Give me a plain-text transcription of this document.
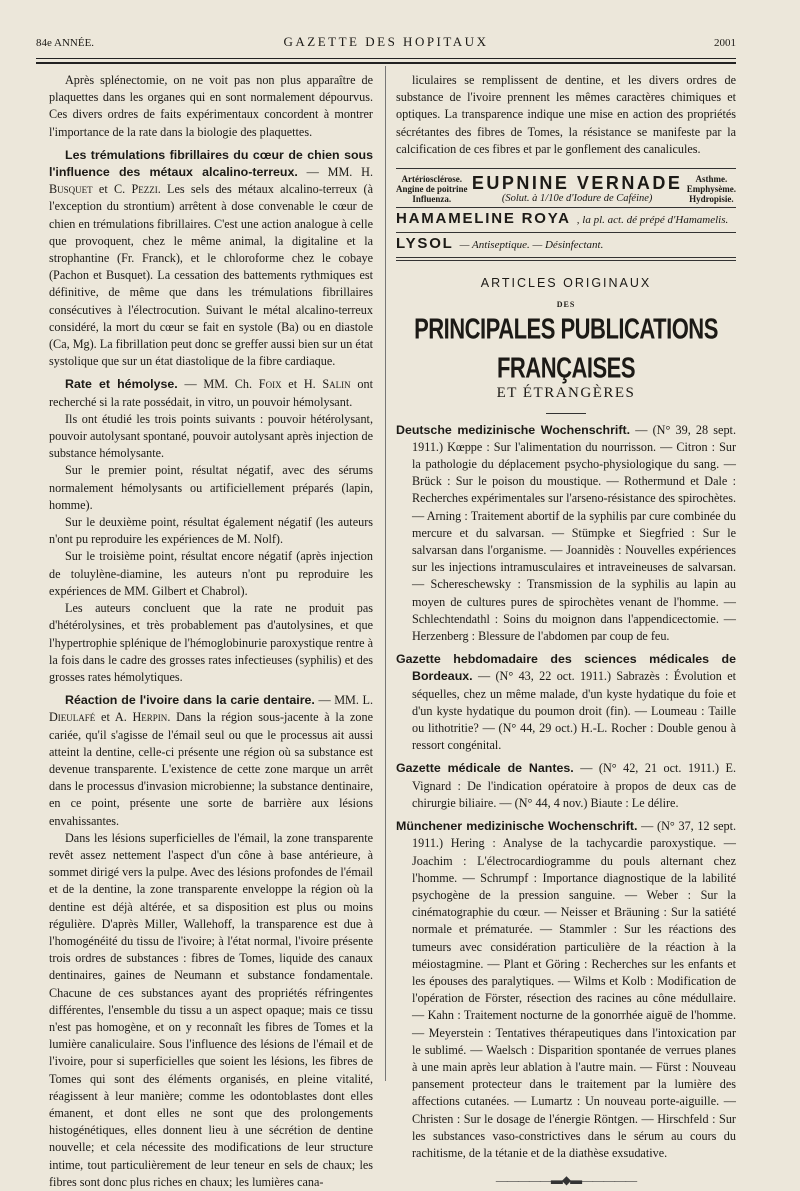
84e ANNÉE.	GAZETTE DES HOPITAUX	2001

Après splénectomie, on ne voit pas non plus apparaître de plaquettes dans les organes qui en sont normalement dépourvus. Ces divers ordres de faits expérimentaux concordent à montrer l'importance de la rate dans la biologie des plaquettes.

Les trémulations fibrillaires du cœur de chien sous l'influence des métaux alcalino-terreux. — MM. H. Busquet et C. Pezzi. Les sels des métaux alcalino-terreux (à l'exception du strontium) arrêtent à dose convenable le cœur de chien en trémulations fibrillaires. C'est une action analogue à celle que provoquent, chez le même animal, la digitaline et la strophantine (Fr. Franck), et le chloroforme chez le cobaye (Pachon et Busquet). La cessation des battements rythmiques est définitive, de même que dans les trémulations fibrillaires consécutives à l'électrocution. Suivant le métal alcalino-terreux considéré, la mort du cœur se fait en systole (Ba) ou en diastole (Ca, Mg). La fibrillation peut donc se greffer aussi bien sur un état systolique que sur un état diastolique de la fibre cardiaque.

Rate et hémolyse. — MM. Ch. Foix et H. Salin ont recherché si la rate possédait, in vitro, un pouvoir hémolysant.

Ils ont étudié les trois points suivants : pouvoir hétérolysant, pouvoir autolysant spontané, pouvoir autolysant après injection de substance hémolysante.

Sur le premier point, résultat négatif, avec des sérums normalement hémolysants ou artificiellement préparés (lapin, homme).

Sur le deuxième point, résultat également négatif (les auteurs n'ont pu reproduire les expériences de M. Nolf).

Sur le troisième point, résultat encore négatif (après injection de toluylène-diamine, les auteurs n'ont pu reproduire les expériences de MM. Gilbert et Chabrol).

Les auteurs concluent que la rate ne produit pas d'hétérolysines, et très probablement pas d'autolysines, et que l'hypertrophie splénique de l'hémoglobinurie paroxystique rentre à la fois dans le cadre des grosses rates infectieuses (syphilis) et des grosses rates hémolytiques.

Réaction de l'ivoire dans la carie dentaire. — MM. L. Dieulafé et A. Herpin. Dans la région sous-jacente à la zone cariée, qu'il s'agisse de l'émail seul ou que le processus ait aussi atteint la dentine, celle-ci présente une région où sa substance est devenue transparente. L'existence de cette zone marque un arrêt dans le processus d'invasion microbienne; la substance dentinaire, en ce point, présente une sorte de barrière aux lésions envahissantes.

Dans les lésions superficielles de l'émail, la zone transparente revêt assez nettement l'aspect d'un cône à base antérieure, à sommet dirigé vers la pulpe. Avec des lésions profondes de l'émail et de la dentine, la zone transparente enveloppe la région où la dentine est déjà altérée, et sa disposition est plus ou moins régulière. D'après Miller, Wallehoff, la transparence est due à l'homogénéité du tissu de l'ivoire; à l'état normal, l'ivoire présente trois ordres de substances : fibres de Tomes, liquide des canaux dentinaires, gaines de Neumann et substance fondamentale. Chacune de ces substances ayant des propriétés réfringentes différentes, l'ensemble du tissu a un aspect opaque; mais ce tissu n'est pas homogène, et on y reconnaît les fibres de Tomes et la lumière canaliculaire. Sous l'influence des lésions de l'émail et de l'ivoire, pour si superficielles que soient les lésions, les fibres de Tomes qui sont des éléments organisés, en pleine vitalité, réagissent à leur manière; comme les odontoblastes dont elles émanent, et dont elles ne sont que des prolongements histogénétiques, elles donnent lieu à une sécrétion de dentine nouvelle; et cela nécessite des modifications de leur structure intime, tout particulièrement de leur teneur en sels de chaux; les fibres sont donc plus riches en chaux; les lumières cana-

liculaires se remplissent de dentine, et les divers ordres de substance de l'ivoire prennent les mêmes caractères chimiques et optiques. La transparence indique une mise en action des propriétés sécrétantes des fibres de Tomes, la résistance se manifeste par la calcification de ces fibres et par le gonflement des canalicules.

Artériosclérose.
Angine de poitrine
Influenza.
EUPNINE VERNADE
(Solut. à 1/10e d'Iodure de Caféine)
Asthme.
Emphysème.
Hydropisie.
HAMAMELINE ROYA , la pl. act. dé prépé d'Hamamelis.
LYSOL — Antiseptique. — Désinfectant.

ARTICLES ORIGINAUX

DES

PRINCIPALES PUBLICATIONS FRANÇAISES

ET ÉTRANGÈRES

Deutsche medizinische Wochenschrift. — (N° 39, 28 sept. 1911.) Kœppe : Sur l'alimentation du nourrisson. — Citron : Sur la pathologie du déplacement psycho-physiologique du sang. — Brück : Sur le poison du moustique. — Rothermund et Dale : Recherches expérimentales sur l'arseno-résistance des spirochètes. — Arning : Traitement abortif de la syphilis par cure combinée du mercure et du salvarsan. — Stümpke et Siegfried : Sur le salvarsan dans l'organisme. — Joannidès : Nouvelles expériences sur les injections intramusculaires et intraveineuses de salvarsan. — Schereschewsky : Transmission de la syphilis au lapin au moyen de cultures pures de spirochètes venant de l'homme. — Schlechtendathl : Soins du moignon dans l'appendicectomie. — Herzenberg : Blessure de l'abdomen par coup de feu.

Gazette hebdomadaire des sciences médicales de Bordeaux. — (N° 43, 22 oct. 1911.) Sabrazès : Évolution et séquelles, chez un même malade, d'un kyste hydatique du foie et d'un kyste hydatique du poumon droit (fin). — Loumeau : Taille ou lithotritie? — (N° 44, 29 oct.) H.-L. Rocher : Double genou à ressort congénital.

Gazette médicale de Nantes. — (N° 42, 21 oct. 1911.) E. Vignard : De l'indication opératoire à propos de deux cas de chirurgie biliaire. — (N° 44, 4 nov.) Biaute : Le délire.

Münchener medizinische Wochenschrift. — (N° 37, 12 sept. 1911.) Hering : Analyse de la tachycardie paroxystique. — Joachim : L'électrocardiogramme du pouls alternant chez l'homme. — Schrumpf : Importance diagnostique de la labilité psychogène de la pression sanguine. — Weber : Sur la cinématographie du cœur. — Neisser et Bräuning : Sur la satiété normale et prématurée. — Stammler : Sur les réactions des tumeurs avec considération particulière de la réaction à la méiostagmine. — Plant et Göring : Recherches sur les enfants et les épouses des paralytiques. — Wilms et Kolb : Modification de l'opération de Förster, résection des racines au cône médullaire. — Kahn : Traitement nocturne de la gonorrhée aiguë de l'homme. — Meyerstein : Tentatives thérapeutiques dans l'intoxication par le sublimé. — Waelsch : Disparition spontanée de verrues planes à une main après leur ablation à l'autre main. — Fürst : Nouveau pansement protecteur dans le traitement par la lumière des affections cutanées. — Lumartz : Un nouveau porte-aiguille. — Christen : Sur le dosage de l'énergie Röntgen. — Hirschfeld : Sur les substances vaso-constrictives dans le sérum au cours du rachitisme, de la tétanie et de la diathèse exsudative.

—————▬◆▬—————
